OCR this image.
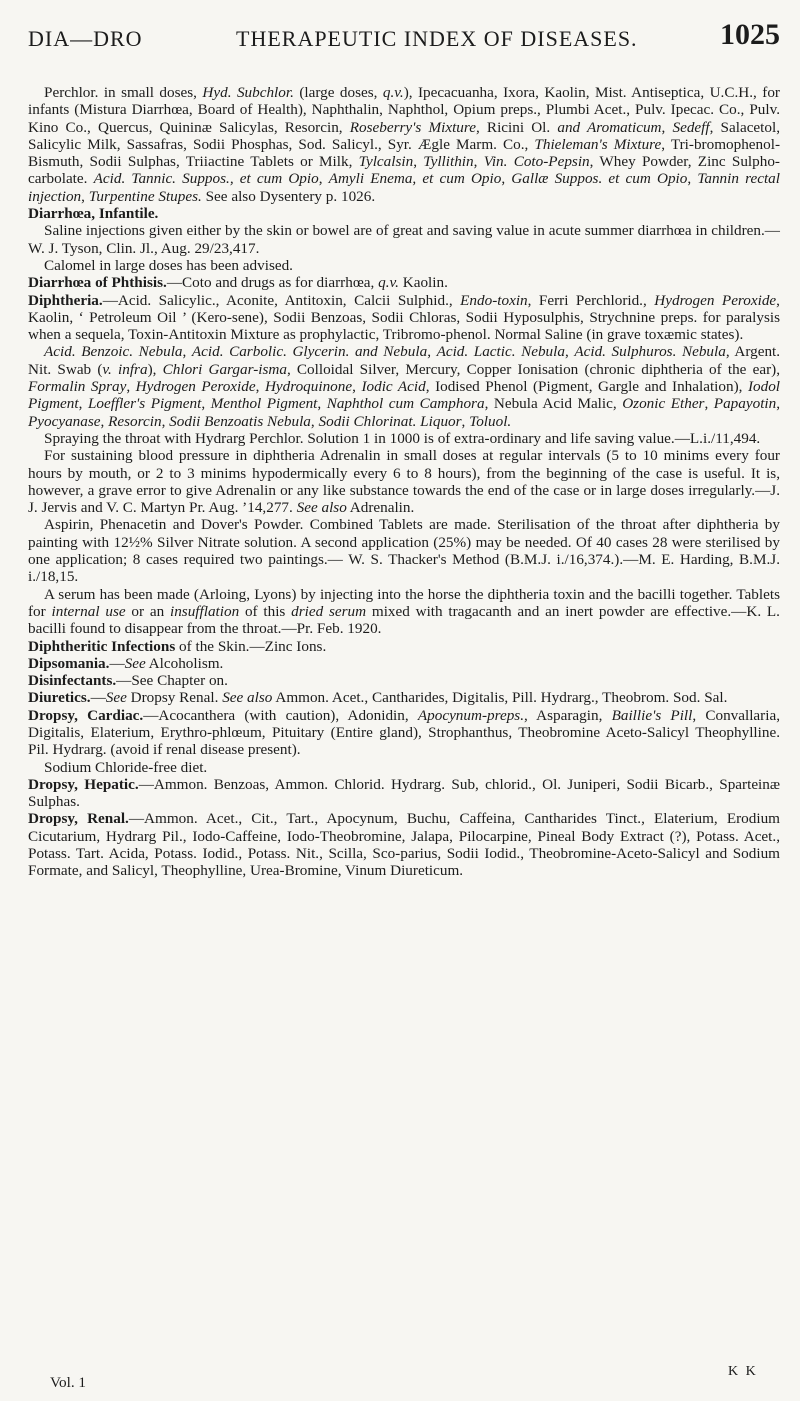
DIA—DRO	THERAPEUTIC INDEX OF DISEASES.	1025

Perchlor. in small doses, Hyd. Subchlor. (large doses, q.v.), Ipecacuanha, Ixora, Kaolin, Mist. Antiseptica, U.C.H., for infants (Mistura Diarrhœa, Board of Health), Naphthalin, Naphthol, Opium preps., Plumbi Acet., Pulv. Ipecac. Co., Pulv. Kino Co., Quercus, Quininæ Salicylas, Resorcin, Roseberry's Mixture, Ricini Ol. and Aromaticum, Sedeff, Salacetol, Salicylic Milk, Sassafras, Sodii Phosphas, Sod. Salicyl., Syr. Ægle Marm. Co., Thieleman's Mixture, Tri-bromophenol-Bismuth, Sodii Sulphas, Triiactine Tablets or Milk, Tylcalsin, Tyllithin, Vin. Coto-Pepsin, Whey Powder, Zinc Sulpho-carbolate. Acid. Tannic. Suppos., et cum Opio, Amyli Enema, et cum Opio, Gallæ Suppos. et cum Opio, Tannin rectal injection, Turpentine Stupes. See also Dysentery p. 1026.

Diarrhœa, Infantile.

Saline injections given either by the skin or bowel are of great and saving value in acute summer diarrhœa in children.—W. J. Tyson, Clin. Jl., Aug. 29/23,417.

Calomel in large doses has been advised.

Diarrhœa of Phthisis.—Coto and drugs as for diarrhœa, q.v. Kaolin.

Diphtheria.—Acid. Salicylic., Aconite, Antitoxin, Calcii Sulphid., Endo-toxin, Ferri Perchlorid., Hydrogen Peroxide, Kaolin, ‘ Petroleum Oil ’ (Kero-sene), Sodii Benzoas, Sodii Chloras, Sodii Hyposulphis, Strychnine preps. for paralysis when a sequela, Toxin-Antitoxin Mixture as prophylactic, Tribromo-phenol. Normal Saline (in grave toxæmic states).

Acid. Benzoic. Nebula, Acid. Carbolic. Glycerin. and Nebula, Acid. Lactic. Nebula, Acid. Sulphuros. Nebula, Argent. Nit. Swab (v. infra), Chlori Gargar-isma, Colloidal Silver, Mercury, Copper Ionisation (chronic diphtheria of the ear), Formalin Spray, Hydrogen Peroxide, Hydroquinone, Iodic Acid, Iodised Phenol (Pigment, Gargle and Inhalation), Iodol Pigment, Loeffler's Pigment, Menthol Pigment, Naphthol cum Camphora, Nebula Acid Malic, Ozonic Ether, Papayotin, Pyocyanase, Resorcin, Sodii Benzoatis Nebula, Sodii Chlorinat. Liquor, Toluol.

Spraying the throat with Hydrarg Perchlor. Solution 1 in 1000 is of extra-ordinary and life saving value.—L.i./11,494.

For sustaining blood pressure in diphtheria Adrenalin in small doses at regular intervals (5 to 10 minims every four hours by mouth, or 2 to 3 minims hypodermically every 6 to 8 hours), from the beginning of the case is useful. It is, however, a grave error to give Adrenalin or any like substance towards the end of the case or in large doses irregularly.—J. J. Jervis and V. C. Martyn Pr. Aug. ’14,277. See also Adrenalin.

Aspirin, Phenacetin and Dover's Powder. Combined Tablets are made. Sterilisation of the throat after diphtheria by painting with 12½% Silver Nitrate solution. A second application (25%) may be needed. Of 40 cases 28 were sterilised by one application; 8 cases required two paintings.— W. S. Thacker's Method (B.M.J. i./16,374.).—M. E. Harding, B.M.J. i./18,15.

A serum has been made (Arloing, Lyons) by injecting into the horse the diphtheria toxin and the bacilli together. Tablets for internal use or an insufflation of this dried serum mixed with tragacanth and an inert powder are effective.—K. L. bacilli found to disappear from the throat.—Pr. Feb. 1920.

Diphtheritic Infections of the Skin.—Zinc Ions.

Dipsomania.—See Alcoholism.

Disinfectants.—See Chapter on.

Diuretics.—See Dropsy Renal. See also Ammon. Acet., Cantharides, Digitalis, Pill. Hydrarg., Theobrom. Sod. Sal.

Dropsy, Cardiac.—Acocanthera (with caution), Adonidin, Apocynum-preps., Asparagin, Baillie's Pill, Convallaria, Digitalis, Elaterium, Erythro-phlœum, Pituitary (Entire gland), Strophanthus, Theobromine Aceto-Salicyl Theophylline. Pil. Hydrarg. (avoid if renal disease present).

Sodium Chloride-free diet.

Dropsy, Hepatic.—Ammon. Benzoas, Ammon. Chlorid. Hydrarg. Sub, chlorid., Ol. Juniperi, Sodii Bicarb., Sparteinæ Sulphas.

Dropsy, Renal.—Ammon. Acet., Cit., Tart., Apocynum, Buchu, Caffeina, Cantharides Tinct., Elaterium, Erodium Cicutarium, Hydrarg Pil., Iodo-Caffeine, Iodo-Theobromine, Jalapa, Pilocarpine, Pineal Body Extract (?), Potass. Acet., Potass. Tart. Acida, Potass. Iodid., Potass. Nit., Scilla, Sco-parius, Sodii Iodid., Theobromine-Aceto-Salicyl and Sodium Formate, and Salicyl, Theophylline, Urea-Bromine, Vinum Diureticum.

Vol. 1
K K
